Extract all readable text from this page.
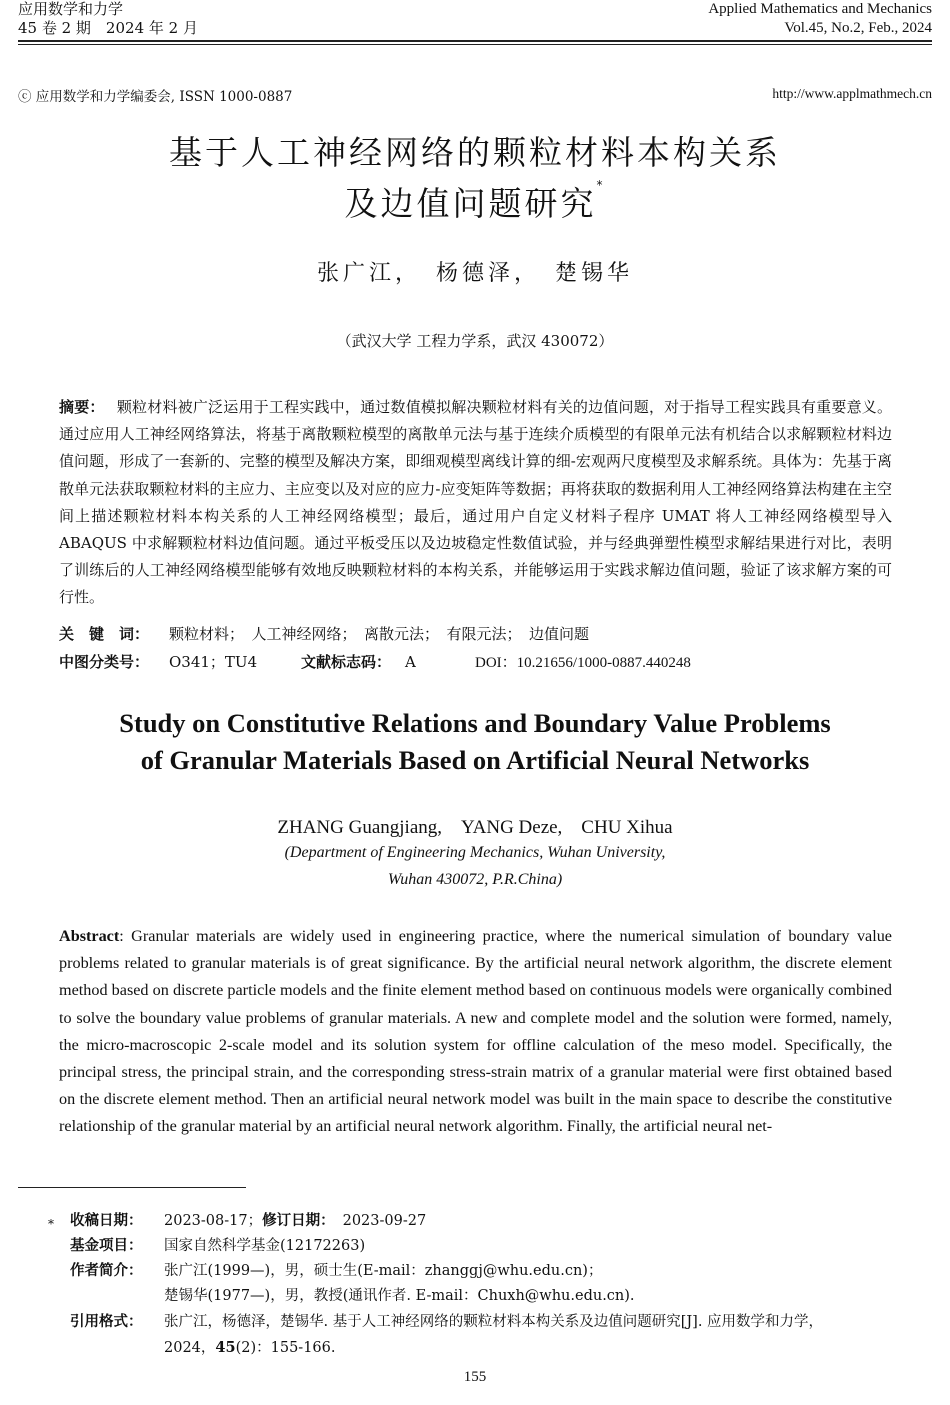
应用数学和力学
45 卷 2 期　2024 年 2 月
Applied Mathematics and Mechanics
Vol.45, No.2, Feb., 2024
ⓒ 应用数学和力学编委会, ISSN 1000-0887	http://www.applmathmech.cn
基于人工神经网络的颗粒材料本构关系
及边值问题研究*
张广江，　杨德泽，　楚锡华
（武汉大学 工程力学系，武汉 430072）
摘要： 颗粒材料被广泛运用于工程实践中，通过数值模拟解决颗粒材料有关的边值问题，对于指导工程实践具有重要意义。通过应用人工神经网络算法，将基于离散颗粒模型的离散单元法与基于连续介质模型的有限单元法有机结合以求解颗粒材料边值问题，形成了一套新的、完整的模型及解决方案，即细观模型离线计算的细-宏观两尺度模型及求解系统。具体为：先基于离散单元法获取颗粒材料的主应力、主应变以及对应的应力-应变矩阵等数据；再将获取的数据利用人工神经网络算法构建在主空间上描述颗粒材料本构关系的人工神经网络模型；最后，通过用户自定义材料子程序 UMAT 将人工神经网络模型导入 ABAQUS 中求解颗粒材料边值问题。通过平板受压以及边坡稳定性数值试验，并与经典弹塑性模型求解结果进行对比，表明了训练后的人工神经网络模型能够有效地反映颗粒材料的本构关系，并能够运用于实践求解边值问题，验证了该求解方案的可行性。
关　键　词： 颗粒材料；　人工神经网络；　离散元法；　有限元法；　边值问题
中图分类号： O341；TU4	文献标志码： A	DOI：10.21656/1000-0887.440248
Study on Constitutive Relations and Boundary Value Problems
of Granular Materials Based on Artificial Neural Networks
ZHANG Guangjiang,　YANG Deze,　CHU Xihua
(Department of Engineering Mechanics, Wuhan University,
Wuhan 430072, P.R.China)
Abstract: Granular materials are widely used in engineering practice, where the numerical simulation of boundary value problems related to granular materials is of great significance. By the artificial neural network algorithm, the discrete element method based on discrete particle models and the finite element method based on continuous models were organically combined to solve the boundary value problems of granular materials. A new and complete model and the solution were formed, namely, the micro-macroscopic 2-scale model and its solution system for offline calculation of the meso model. Specifically, the principal stress, the principal strain, and the corresponding stress-strain matrix of a granular material were first obtained based on the discrete element method. Then an artificial neural network model was built in the main space to describe the constitutive relationship of the granular material by an artificial neural network algorithm. Finally, the artificial neural net-
* 收稿日期： 2023-08-17；修订日期： 2023-09-27
基金项目： 国家自然科学基金(12172263)
作者简介： 张广江(1999—)，男，硕士生(E-mail：zhanggj@whu.edu.cn)；
楚锡华(1977—)，男，教授(通讯作者. E-mail：Chuxh@whu.edu.cn).
引用格式： 张广江，杨德泽，楚锡华. 基于人工神经网络的颗粒材料本构关系及边值问题研究[J]. 应用数学和力学，
2024，45(2)：155-166.
155
